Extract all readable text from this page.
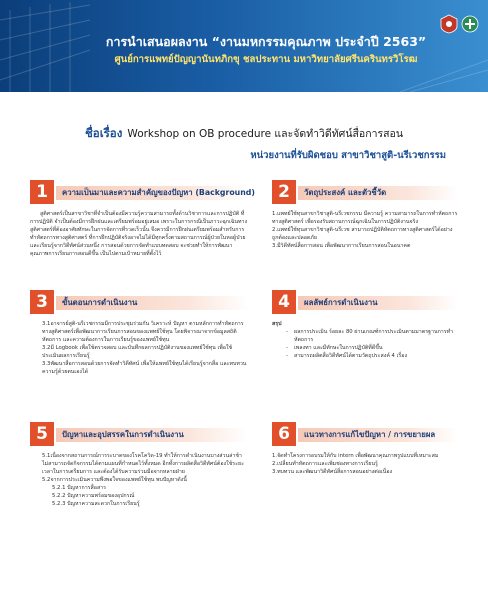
การนำเสนอผลงาน “งานมหกรรมคุณภาพ ประจำปี 2563”
ศูนย์การแพทย์ปัญญานันทภิกขุ ชลประทาน มหาวิทยาลัยศรีนครินทรวิโรฒ
ชื่อเรื่อง Workshop on OB procedure และจัดทำวิดีทัศน์สื่อการสอน
หน่วยงานที่รับผิดชอบ สาขาวิชาสูติ-นรีเวชกรรม
1	ความเป็นมาและความสำคัญของปัญหา (Background)

สูติศาสตร์เป็นสาขาวิชาที่จำเป็นต้องมีความรู้ความสามารถทั้งด้านวิชาการและการปฏิบัติ ที่การปฏิบัติ จำเป็นต้องมีการฝึกฝนและเตรียมพร้อมอยู่เสมอ เพราะในการกรณีเป็นภาวะฉุกเฉินทางสูติศาสตร์ที่ต้องอาศัยทักษะในการจัดการที่รวดเร็วนั้น จึงควรมีการฝึกฝนเตรียมพร้อมสำหรับการทำหัตถการทางสูติศาสตร์ ที่การฝึกปฏิบัติจริงอาจไม่ได้มีทุกครั้งตามสถานการณ์ผู้ป่วยในหอผู้ป่วย และเรียนรู้จากวิดีทัศน์ส่วนหนึ่ง การสอนด้วยการจัดทำแบบทดสอบ จะช่วยทำให้การพัฒนาคุณภาพการเรียนการสอนดีขึ้น เป็นไปตามเป้าหมายที่ตั้งไว้

2	วัตถุประสงค์ และตัวชี้วัด
1.แพทย์ใช้ทุนสาขาวิชาสูติ-นรีเวชกรรม มีความรู้ ความสามารถในการทำหัตถการทางสูติศาสตร์ เพื่อรองรับสถานการณ์ฉุกเฉินในการปฏิบัติงานจริง
2.แพทย์ใช้ทุนสาขาวิชาสูติ-นรีเวช สามารถปฏิบัติหัตถการทางสูติศาสตร์ได้อย่างถูกต้องและปลอดภัย
3.มีวิดีทัศน์สื่อการสอน เพื่อพัฒนาการเรียนการสอนในอนาคต
3	ขั้นตอนการดำเนินงาน
3.1อาจารย์สูติ-นรีเวชกรรมมีการประชุมร่วมกัน วิเคราะห์ ปัญหา ตามหลักการทำหัตถการทางสูติศาสตร์เพื่อพัฒนาการเรียนการสอนของแพทย์ใช้ทุน โดยพิจารณาจากข้อมูลสถิติหัตถการ และความต้องการในการเรียนรู้ของแพทย์ใช้ทุน
3.2มี Logbook เพื่อใช้ตรวจสอบ และบันทึกผลการปฏิบัติงานของแพทย์ใช้ทุน เพื่อใช้ประเมินผลการเรียนรู้
3.3พัฒนาสื่อการสอนด้วยการจัดทำวิดีทัศน์ เพื่อให้แพทย์ใช้ทุนได้เรียนรู้จากสื่อ และทบทวนความรู้ด้วยตนเองได้
4	ผลลัพธ์การดำเนินงาน
สรุป
- ผลการประเมิน ร้อยละ 80 ผ่านเกณฑ์การประเมินตามมาตรฐานการทำหัตถการ
- เพลงทา และมีทักษะในการปฏิบัติที่ดีขึ้น
- สามารถผลิตสื่อวิดีทัศน์ได้ตามวัตถุประสงค์ 4 เรื่อง
5	ปัญหาและอุปสรรคในการดำเนินงาน
5.1เนื่องจากสถานการณ์การระบาดของโรคโควิด-19 ทำให้การดำเนินงานบางส่วนล่าช้า ไม่สามารถจัดกิจกรรมได้ตามแผนที่กำหนดไว้ทั้งหมด อีกทั้งการผลิตสื่อวิดีทัศน์ต้องใช้ระยะเวลาในการเตรียมการ และต้องได้รับความร่วมมือจากหลายฝ่าย
5.2จากการประเมินความพึงพอใจของแพทย์ใช้ทุน พบปัญหาดังนี้
5.2.1 ปัญหาการสื่อสาร
5.2.2 ปัญหาความพร้อมของอุปกรณ์
5.2.3 ปัญหาความสะดวกในการเรียนรู้
6	แนวทางการแก้ไขปัญหา / การขยายผล
1.จัดทำโครงการอบรมให้กับ intern เพื่อพัฒนาคุณภาพรูปแบบที่เหมาะสม
2.เปลี่ยนทำหัตถการและเพิ่มช่องทางการเรียนรู้
3.ทบทวน และพัฒนาวิดีทัศน์สื่อการสอนอย่างต่อเนื่อง
